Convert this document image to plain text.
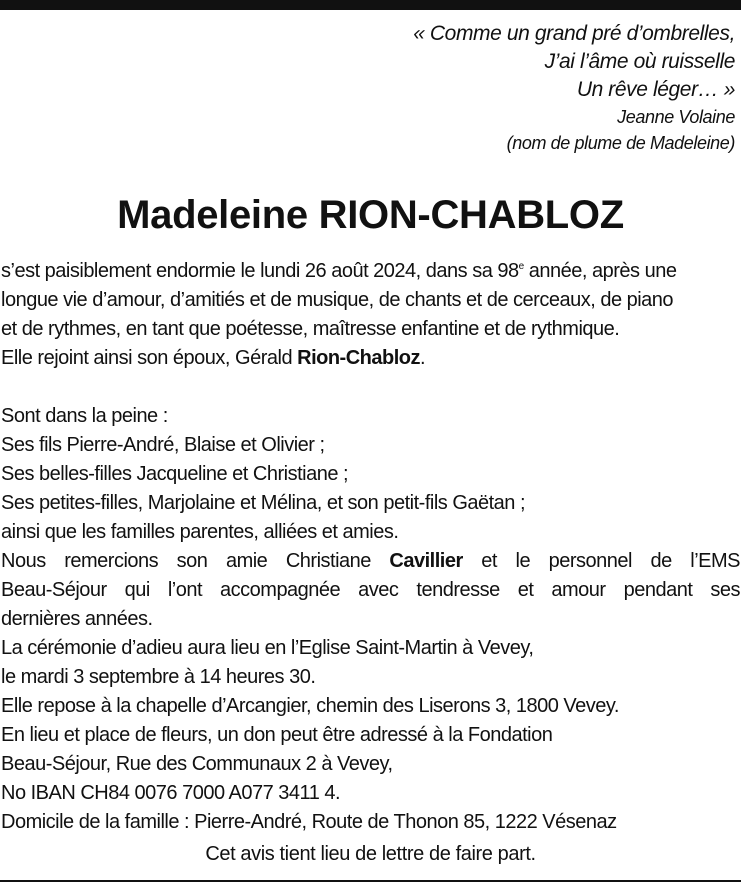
« Comme un grand pré d’ombrelles,
J’ai l’âme où ruisselle
Un rêve léger… »
Jeanne Volaine
(nom de plume de Madeleine)
Madeleine RION-CHABLOZ
s’est paisiblement endormie le lundi 26 août 2024, dans sa 98e année, après une
longue vie d’amour, d’amitiés et de musique, de chants et de cerceaux, de piano
et de rythmes, en tant que poétesse, maîtresse enfantine et de rythmique.
Elle rejoint ainsi son époux, Gérald Rion-Chabloz.
Sont dans la peine :
Ses fils Pierre-André, Blaise et Olivier ;
Ses belles-filles Jacqueline et Christiane ;
Ses petites-filles, Marjolaine et Mélina, et son petit-fils Gaëtan ;
ainsi que les familles parentes, alliées et amies.
Nous remercions son amie Christiane Cavillier et le personnel de l’EMS
Beau-Séjour qui l’ont accompagnée avec tendresse et amour pendant ses
dernières années.
La cérémonie d’adieu aura lieu en l’Eglise Saint-Martin à Vevey,
le mardi 3 septembre à 14 heures 30.
Elle repose à la chapelle d’Arcangier, chemin des Liserons 3, 1800 Vevey.
En lieu et place de fleurs, un don peut être adressé à la Fondation
Beau-Séjour, Rue des Communaux 2 à Vevey,
No IBAN CH84 0076 7000 A077 3411 4.
Domicile de la famille : Pierre-André, Route de Thonon 85, 1222 Vésenaz
Cet avis tient lieu de lettre de faire part.
